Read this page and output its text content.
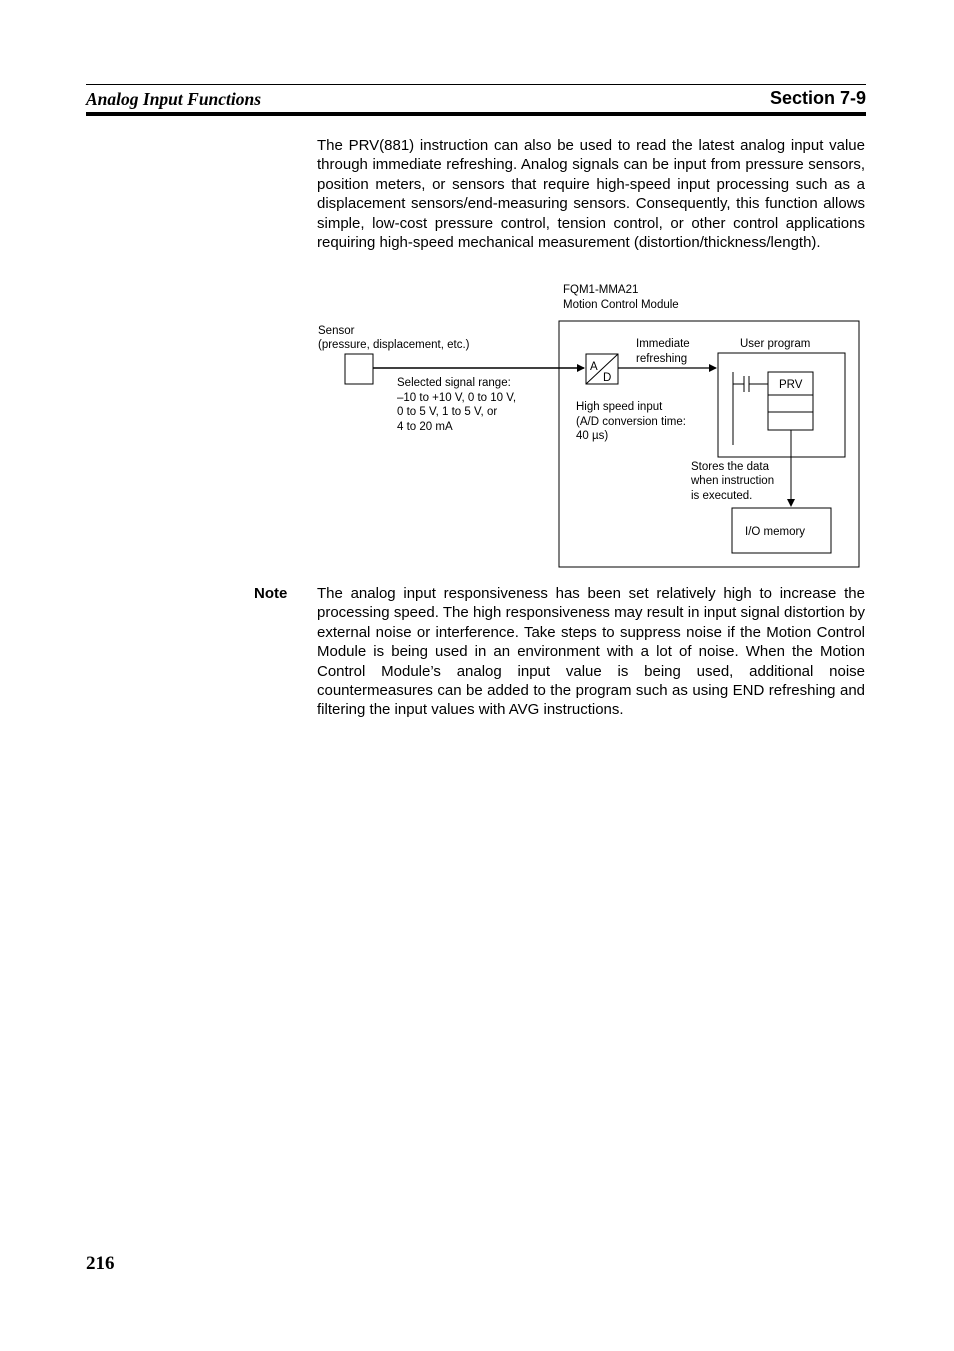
Analog Input Functions	Section 7-9
The PRV(881) instruction can also be used to read the latest analog input value through immediate refreshing. Analog signals can be input from pressure sensors, position meters, or sensors that require high-speed input processing such as a displacement sensors/end-measuring sensors. Consequently, this function allows simple, low-cost pressure control, tension control, or other control applications requiring high-speed mechanical measurement (distortion/thickness/length).
FQM1-MMA21
Motion Control Module
Sensor
(pressure, displacement, etc.)
Selected signal range:
–10 to +10 V, 0 to 10 V,
0 to 5 V, 1 to 5 V, or
4 to 20 mA
A
D
Immediate
refreshing
User program
PRV
High speed input
(A/D conversion time:
40 µs)
Stores the data
when instruction
is executed.
I/O memory
Note The analog input responsiveness has been set relatively high to increase the processing speed. The high responsiveness may result in input signal distortion by external noise or interference. Take steps to suppress noise if the Motion Control Module is being used in an environment with a lot of noise. When the Motion Control Module’s analog input value is being used, additional noise countermeasures can be added to the program such as using END refreshing and filtering the input values with AVG instructions.
216
